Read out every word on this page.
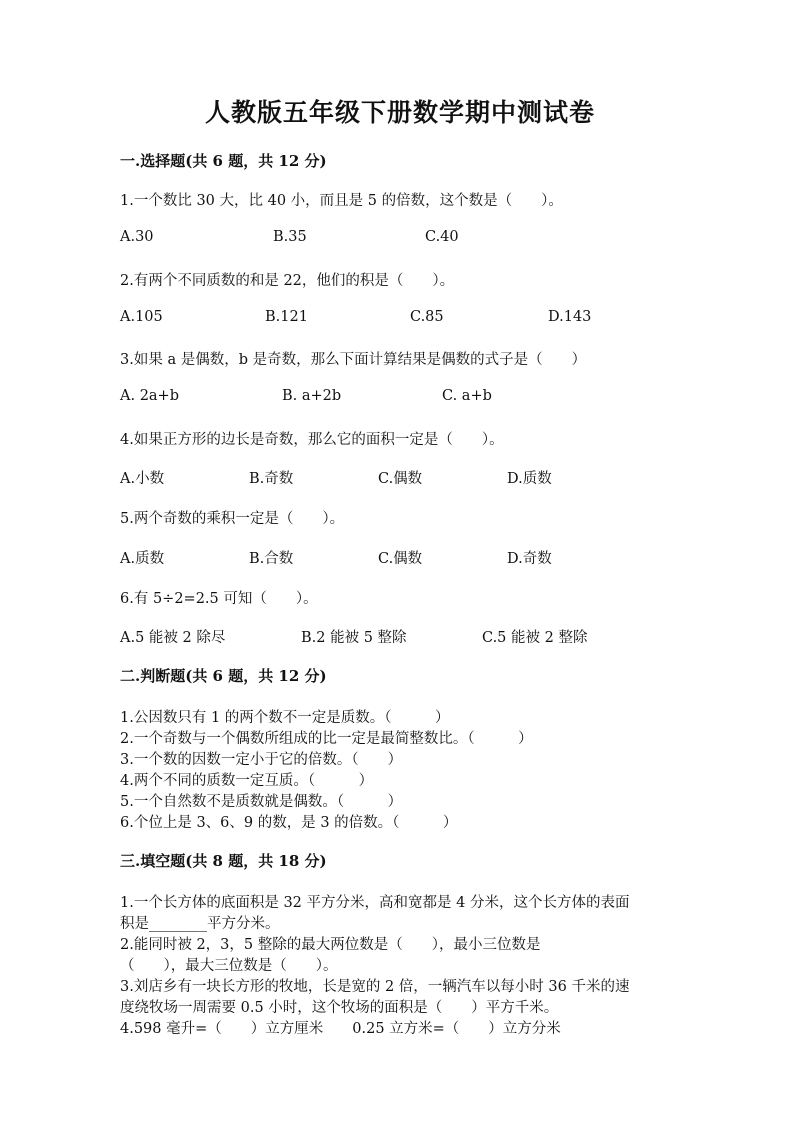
人教版五年级下册数学期中测试卷
一.选择题(共 6 题，共 12 分)
1.一个数比 30 大，比 40 小，而且是 5 的倍数，这个数是（　　）。
A.30	B.35	C.40
2.有两个不同质数的和是 22，他们的积是（　　）。
A.105	B.121	C.85	D.143
3.如果 a 是偶数，b 是奇数，那么下面计算结果是偶数的式子是（　　）
A. 2a+b	B. a+2b	C. a+b
4.如果正方形的边长是奇数，那么它的面积一定是（　　）。
A.小数	B.奇数	C.偶数	D.质数
5.两个奇数的乘积一定是（　　）。
A.质数	B.合数	C.偶数	D.奇数
6.有 5÷2=2.5 可知（　　）。
A.5 能被 2 除尽	B.2 能被 5 整除	C.5 能被 2 整除
二.判断题(共 6 题，共 12 分)
1.公因数只有 1 的两个数不一定是质数。（　　　）
2.一个奇数与一个偶数所组成的比一定是最简整数比。（　　　）
3.一个数的因数一定小于它的倍数。（　　）
4.两个不同的质数一定互质。（　　　）
5.一个自然数不是质数就是偶数。（　　　）
6.个位上是 3、6、9 的数，是 3 的倍数。（　　　）
三.填空题(共 8 题，共 18 分)
1.一个长方体的底面积是 32 平方分米，高和宽都是 4 分米，这个长方体的表面
积是________平方分米。
2.能同时被 2，3，5 整除的最大两位数是（　　），最小三位数是
（　　），最大三位数是（　　）。
3.刘店乡有一块长方形的牧地，长是宽的 2 倍，一辆汽车以每小时 36 千米的速
度绕牧场一周需要 0.5 小时，这个牧场的面积是（　　）平方千米。
4.598 毫升=（　　）立方厘米　　0.25 立方米=（　　）立方分米
